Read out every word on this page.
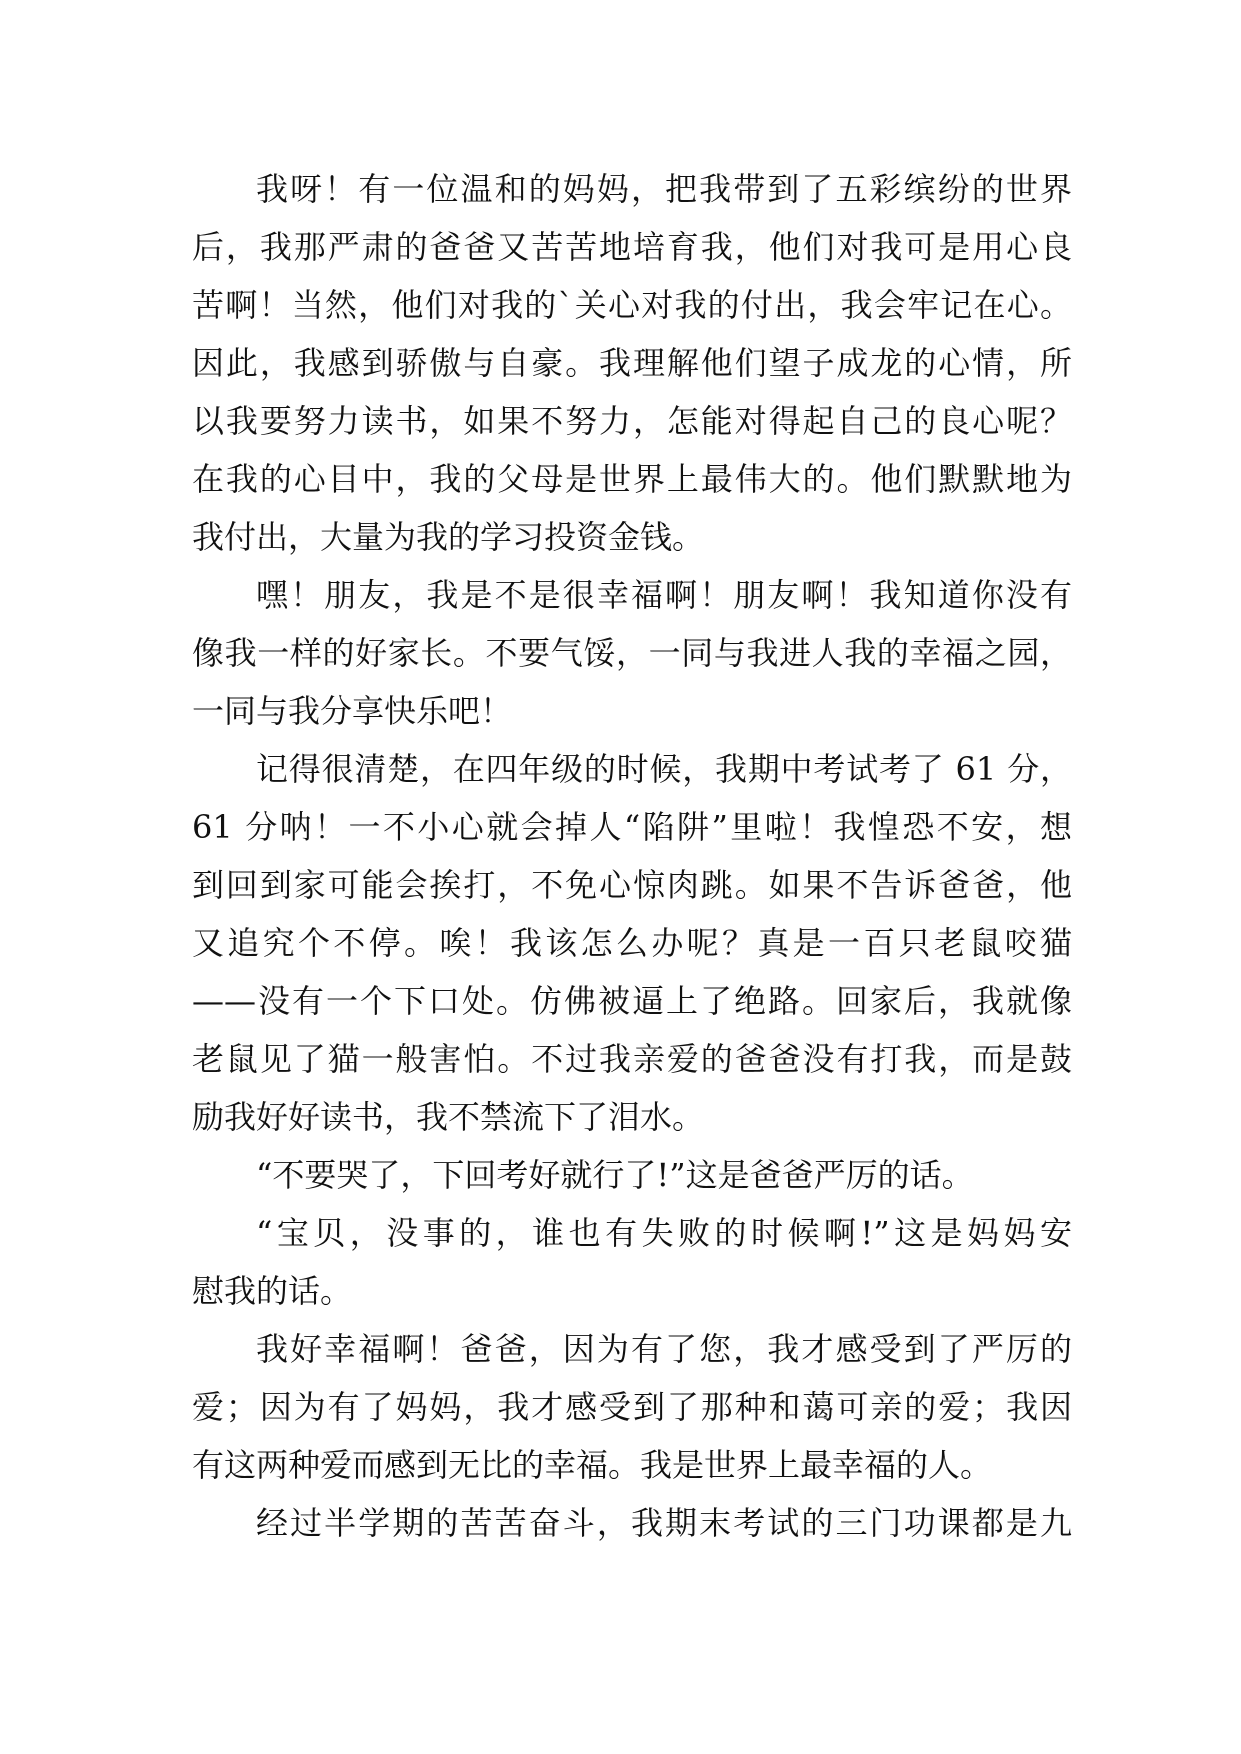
我呀！有一位温和的妈妈，把我带到了五彩缤纷的世界
后，我那严肃的爸爸又苦苦地培育我，他们对我可是用心良
苦啊！当然，他们对我的`关心对我的付出，我会牢记在心。
因此，我感到骄傲与自豪。我理解他们望子成龙的心情，所
以我要努力读书，如果不努力，怎能对得起自己的良心呢？
在我的心目中，我的父母是世界上最伟大的。他们默默地为
我付出，大量为我的学习投资金钱。
嘿！朋友，我是不是很幸福啊！朋友啊！我知道你没有
像我一样的好家长。不要气馁，一同与我进人我的幸福之园，
一同与我分享快乐吧！
记得很清楚，在四年级的时候，我期中考试考了 61 分，
61 分呐！一不小心就会掉人“陷阱”里啦！我惶恐不安，想
到回到家可能会挨打，不免心惊肉跳。如果不告诉爸爸，他
又追究个不停。唉！我该怎么办呢？真是一百只老鼠咬猫
——没有一个下口处。仿佛被逼上了绝路。回家后，我就像
老鼠见了猫一般害怕。不过我亲爱的爸爸没有打我，而是鼓
励我好好读书，我不禁流下了泪水。
“不要哭了，下回考好就行了!”这是爸爸严厉的话。
“宝贝，没事的，谁也有失败的时候啊!”这是妈妈安
慰我的话。
我好幸福啊！爸爸，因为有了您，我才感受到了严厉的
爱；因为有了妈妈，我才感受到了那种和蔼可亲的爱；我因
有这两种爱而感到无比的幸福。我是世界上最幸福的人。
经过半学期的苦苦奋斗，我期末考试的三门功课都是九
